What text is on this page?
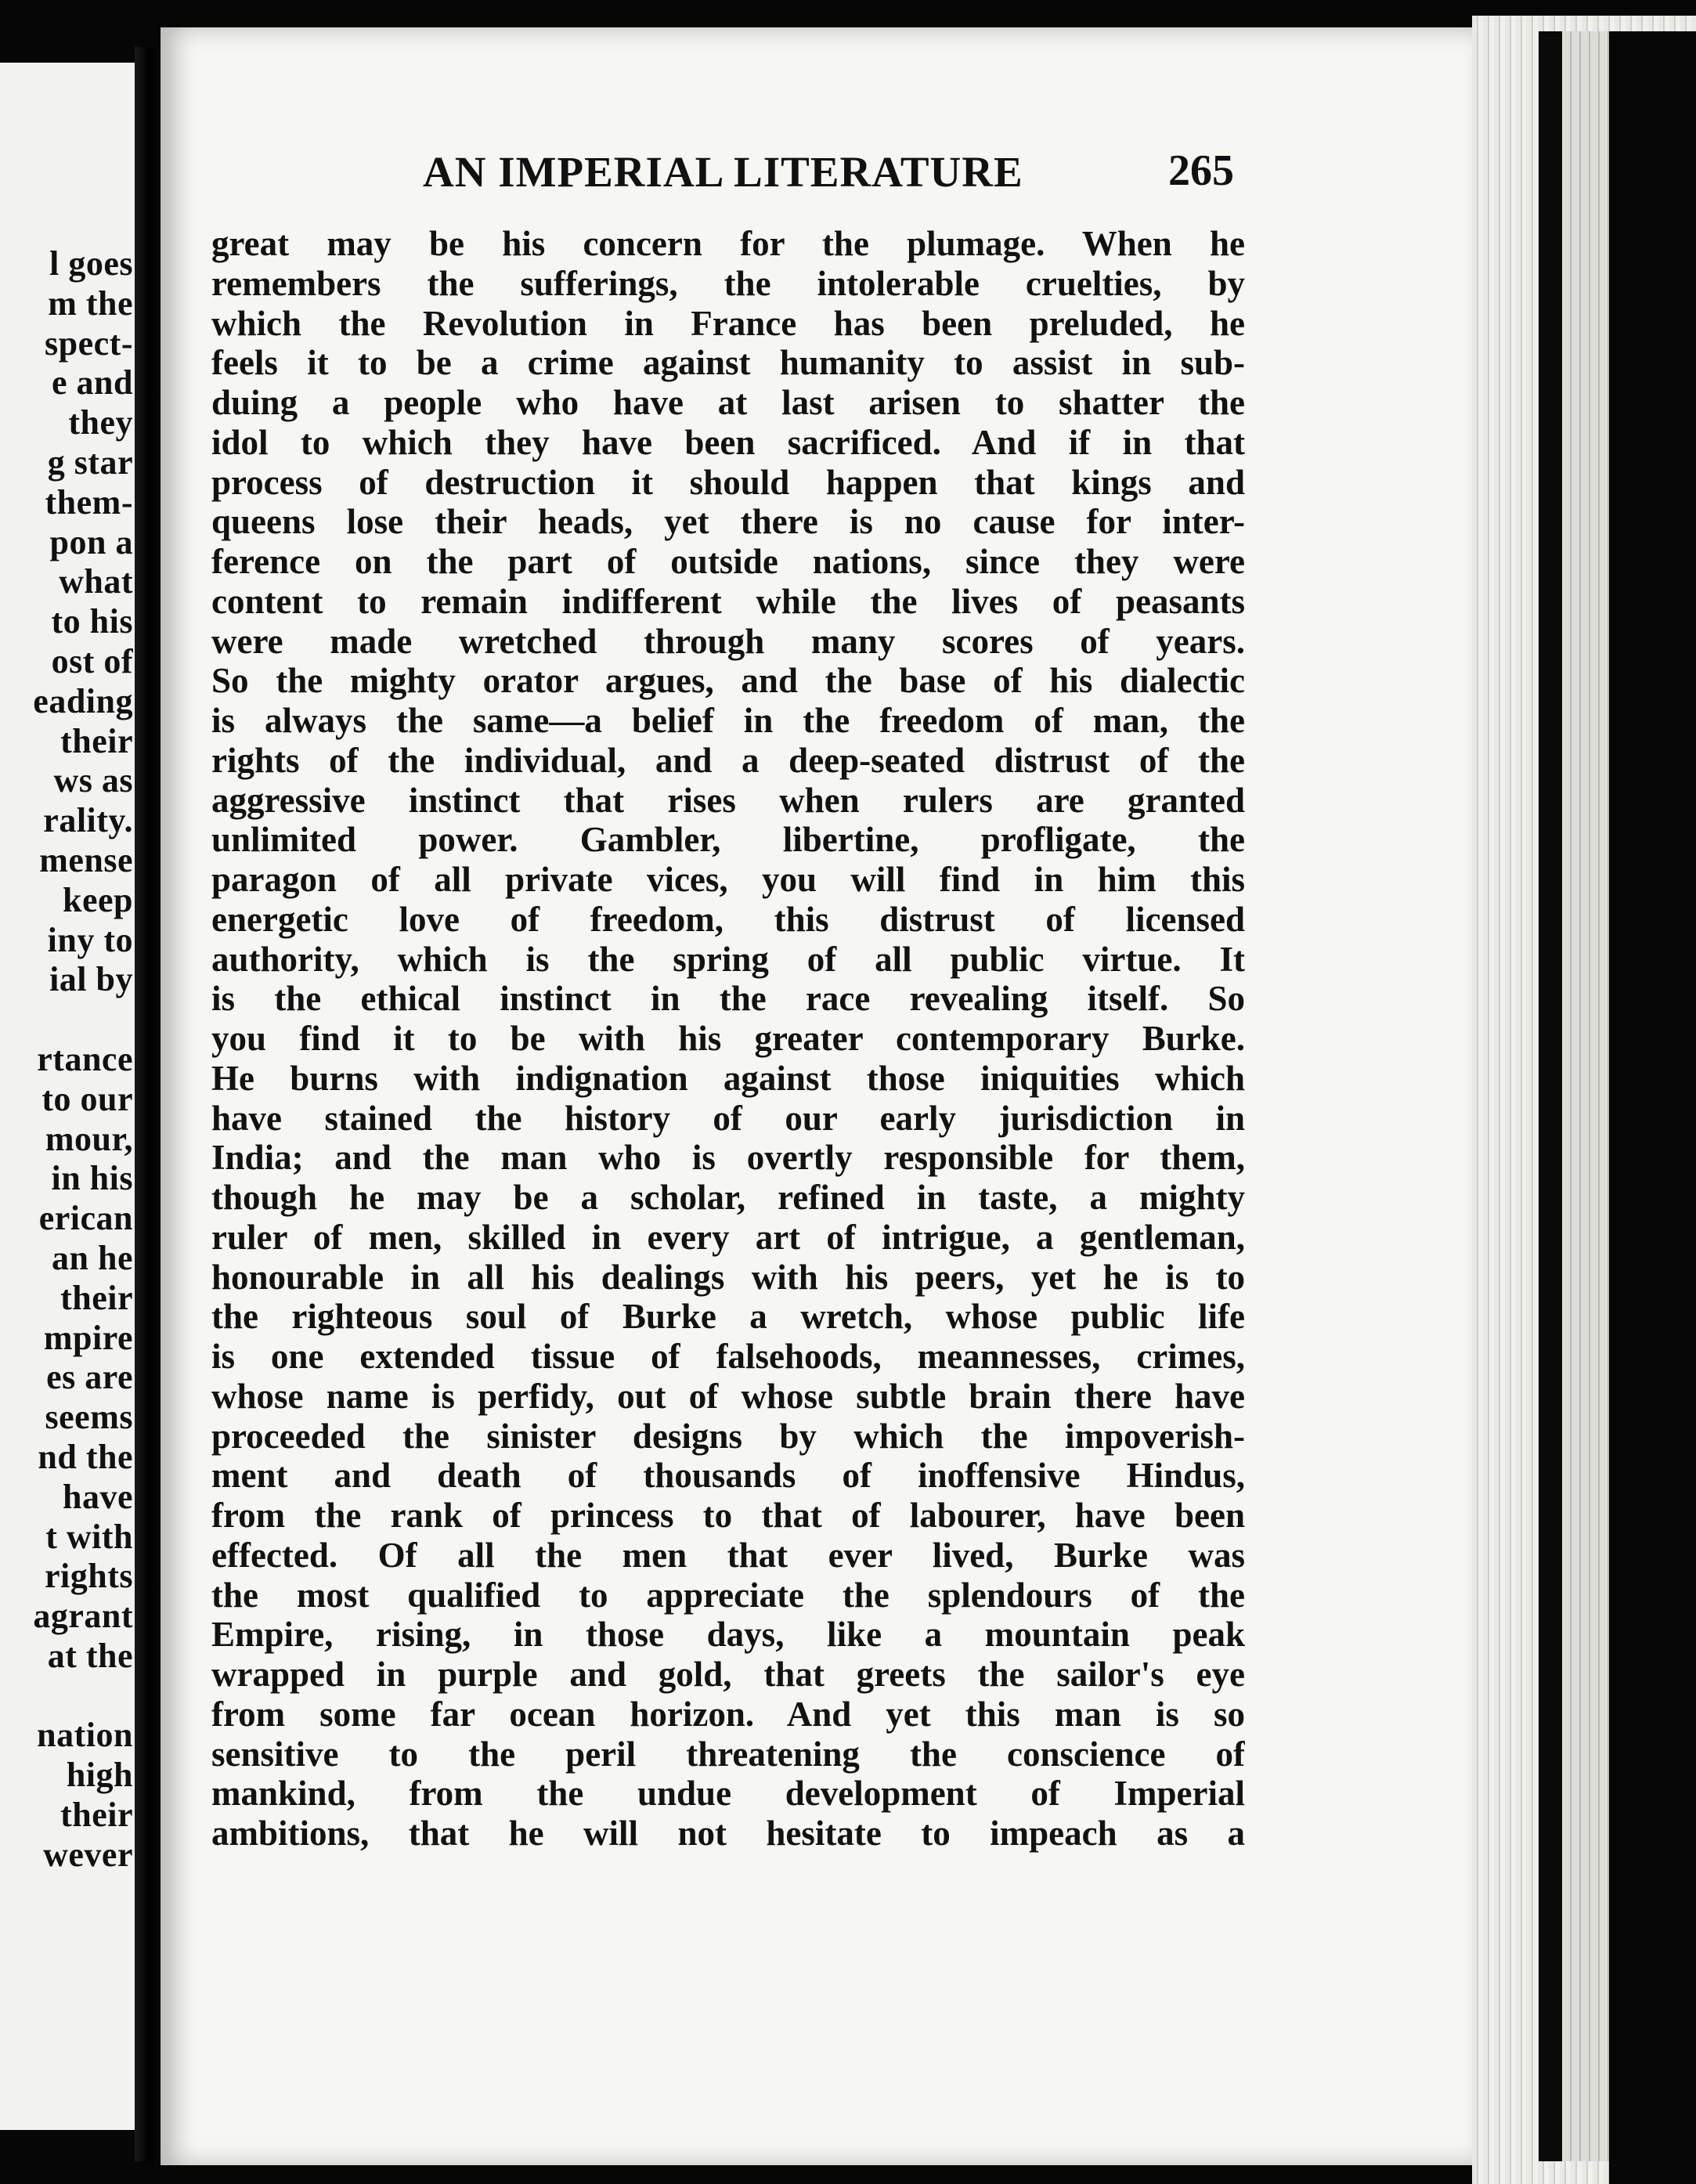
l goes
m the
spect-
e and
they
g star
them-
pon a
what
to his
ost of
eading
their
ws as
rality.
mense
keep
iny to
ial by
rtance
to our
mour,
in his
erican
an he
their
mpire
es are
seems
nd the
have
t with
rights
agrant
at the
nation
high
their
wever
AN IMPERIAL LITERATURE	265
great may be his concern for the plumage. When he
remembers the sufferings, the intolerable cruelties, by
which the Revolution in France has been preluded, he
feels it to be a crime against humanity to assist in sub-
duing a people who have at last arisen to shatter the
idol to which they have been sacrificed. And if in that
process of destruction it should happen that kings and
queens lose their heads, yet there is no cause for inter-
ference on the part of outside nations, since they were
content to remain indifferent while the lives of peasants
were made wretched through many scores of years.
So the mighty orator argues, and the base of his dialectic
is always the same—a belief in the freedom of man, the
rights of the individual, and a deep-seated distrust of the
aggressive instinct that rises when rulers are granted
unlimited power. Gambler, libertine, profligate, the
paragon of all private vices, you will find in him this
energetic love of freedom, this distrust of licensed
authority, which is the spring of all public virtue. It
is the ethical instinct in the race revealing itself. So
you find it to be with his greater contemporary Burke.
He burns with indignation against those iniquities which
have stained the history of our early jurisdiction in
India; and the man who is overtly responsible for them,
though he may be a scholar, refined in taste, a mighty
ruler of men, skilled in every art of intrigue, a gentleman,
honourable in all his dealings with his peers, yet he is to
the righteous soul of Burke a wretch, whose public life
is one extended tissue of falsehoods, meannesses, crimes,
whose name is perfidy, out of whose subtle brain there have
proceeded the sinister designs by which the impoverish-
ment and death of thousands of inoffensive Hindus,
from the rank of princess to that of labourer, have been
effected. Of all the men that ever lived, Burke was
the most qualified to appreciate the splendours of the
Empire, rising, in those days, like a mountain peak
wrapped in purple and gold, that greets the sailor's eye
from some far ocean horizon. And yet this man is so
sensitive to the peril threatening the conscience of
mankind, from the undue development of Imperial
ambitions, that he will not hesitate to impeach as a
